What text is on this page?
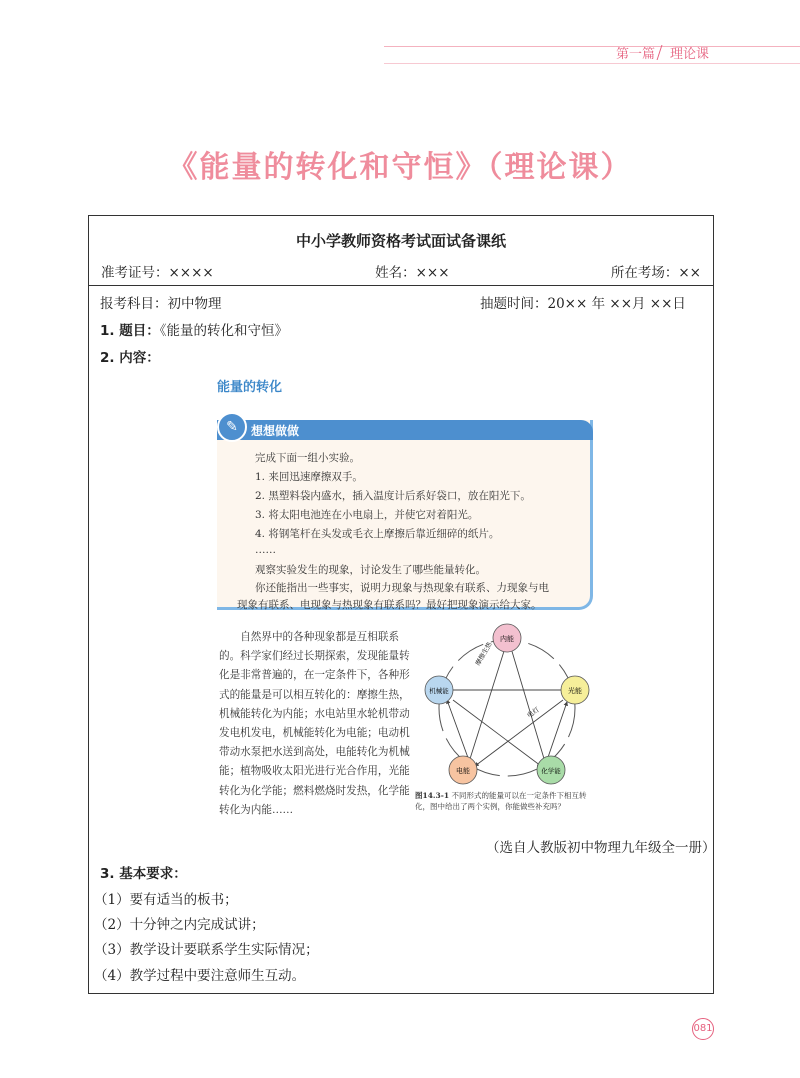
第一篇 理论课
《能量的转化和守恒》（理论课）
中小学教师资格考试面试备课纸
准考证号：××××	姓名：×××	所在考场：××
报考科目：初中物理	抽题时间：20×× 年 ××月 ××日
1. 题目：《能量的转化和守恒》
2. 内容：
能量的转化
✎	想想做做
完成下面一组小实验。
1. 来回迅速摩擦双手。
2. 黑塑料袋内盛水，插入温度计后系好袋口，放在阳光下。
3. 将太阳电池连在小电扇上，并使它对着阳光。
4. 将钢笔杆在头发或毛衣上摩擦后靠近细碎的纸片。
……
观察实验发生的现象，讨论发生了哪些能量转化。
你还能指出一些事实，说明力现象与热现象有联系、力现象与电
现象有联系、电现象与热现象有联系吗？最好把现象演示给大家。
自然界中的各种现象都是互相联系的。科学家们经过长期探索，发现能量转化是非常普遍的，在一定条件下，各种形式的能量是可以相互转化的：摩擦生热，机械能转化为内能；水电站里水轮机带动发电机发电，机械能转化为电能；电动机带动水泵把水送到高处，电能转化为机械能；植物吸收太阳光进行光合作用，光能转化为化学能；燃料燃烧时发热，化学能转化为内能……
内能
光能
化学能
电能
机械能
摩擦生热
电灯
图14.3-1 不同形式的能量可以在一定条件下相互转化，图中给出了两个实例，你能做些补充吗？
（选自人教版初中物理九年级全一册）
3. 基本要求：
（1）要有适当的板书；
（2）十分钟之内完成试讲；
（3）教学设计要联系学生实际情况；
（4）教学过程中要注意师生互动。
081
